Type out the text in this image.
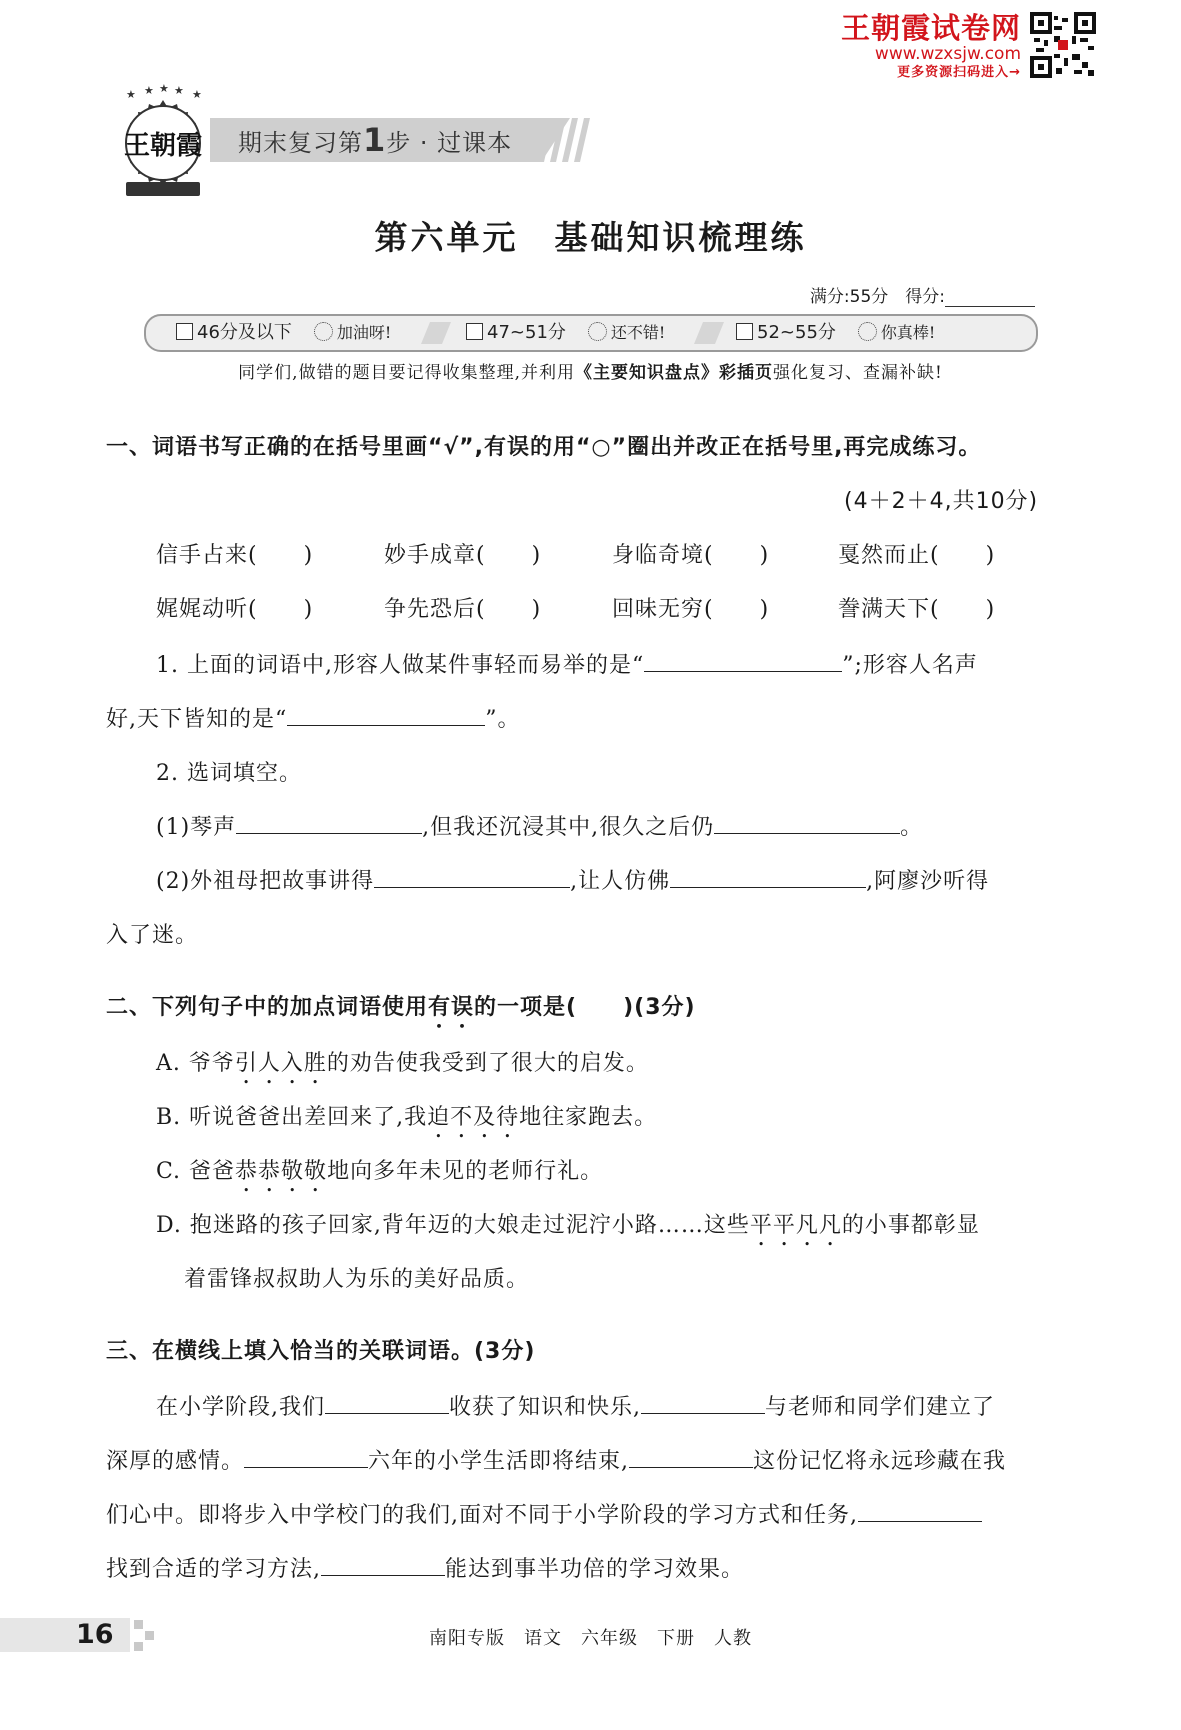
王朝霞试卷网
www.wzxsjw.com
更多资源扫码进入→
王朝霞
★ ★ ★ ★ ★
期末复习第1步 · 过课本
第六单元　基础知识梳理练
满分:55分　 得分:
46分及以下	加油呀!	47~51分	还不错!	52~55分	你真棒!
同学们,做错的题目要记得收集整理,并利用《主要知识盘点》彩插页强化复习、查漏补缺!
一、词语书写正确的在括号里画“√”,有误的用“○”圈出并改正在括号里,再完成练习。
(4＋2＋4,共10分)
信手占来(　　)	妙手成章(　　)	身临奇境(　　)	戛然而止(　　)
娓娓动听(　　)	争先恐后(　　)	回味无穷(　　)	誊满天下(　　)
1. 上面的词语中,形容人做某件事轻而易举的是“	”;形容人名声
好,天下皆知的是“	”。
2. 选词填空。
(1)琴声	,但我还沉浸其中,很久之后仍	。
(2)外祖母把故事讲得	,让人仿佛	,阿廖沙听得
入了迷。
二、下列句子中的加点词语使用有误的一项是(　　)(3分)
A. 爷爷引人入胜的劝告使我受到了很大的启发。
B. 听说爸爸出差回来了,我迫不及待地往家跑去。
C. 爸爸恭恭敬敬地向多年未见的老师行礼。
D. 抱迷路的孩子回家,背年迈的大娘走过泥泞小路……这些平平凡凡的小事都彰显
着雷锋叔叔助人为乐的美好品质。
三、在横线上填入恰当的关联词语。(3分)
在小学阶段,我们	收获了知识和快乐,	与老师和同学们建立了
深厚的感情。	六年的小学生活即将结束,	这份记忆将永远珍藏在我
们心中。即将步入中学校门的我们,面对不同于小学阶段的学习方式和任务,
找到合适的学习方法,	能达到事半功倍的学习效果。
16	南阳专版　语文　六年级　下册　人教
